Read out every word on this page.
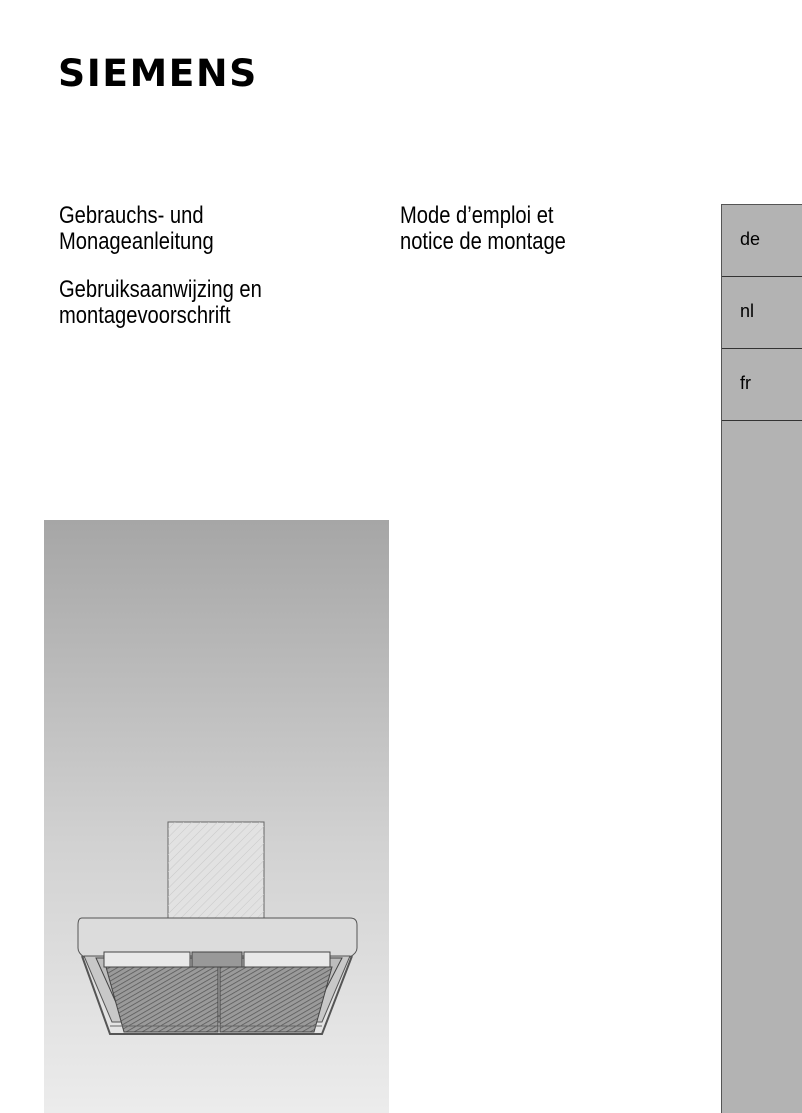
SIEMENS
Gebrauchs- und
Monageanleitung
Gebruiksaanwijzing en
montagevoorschrift
Mode d’emploi et
notice de montage	de
nl
fr
